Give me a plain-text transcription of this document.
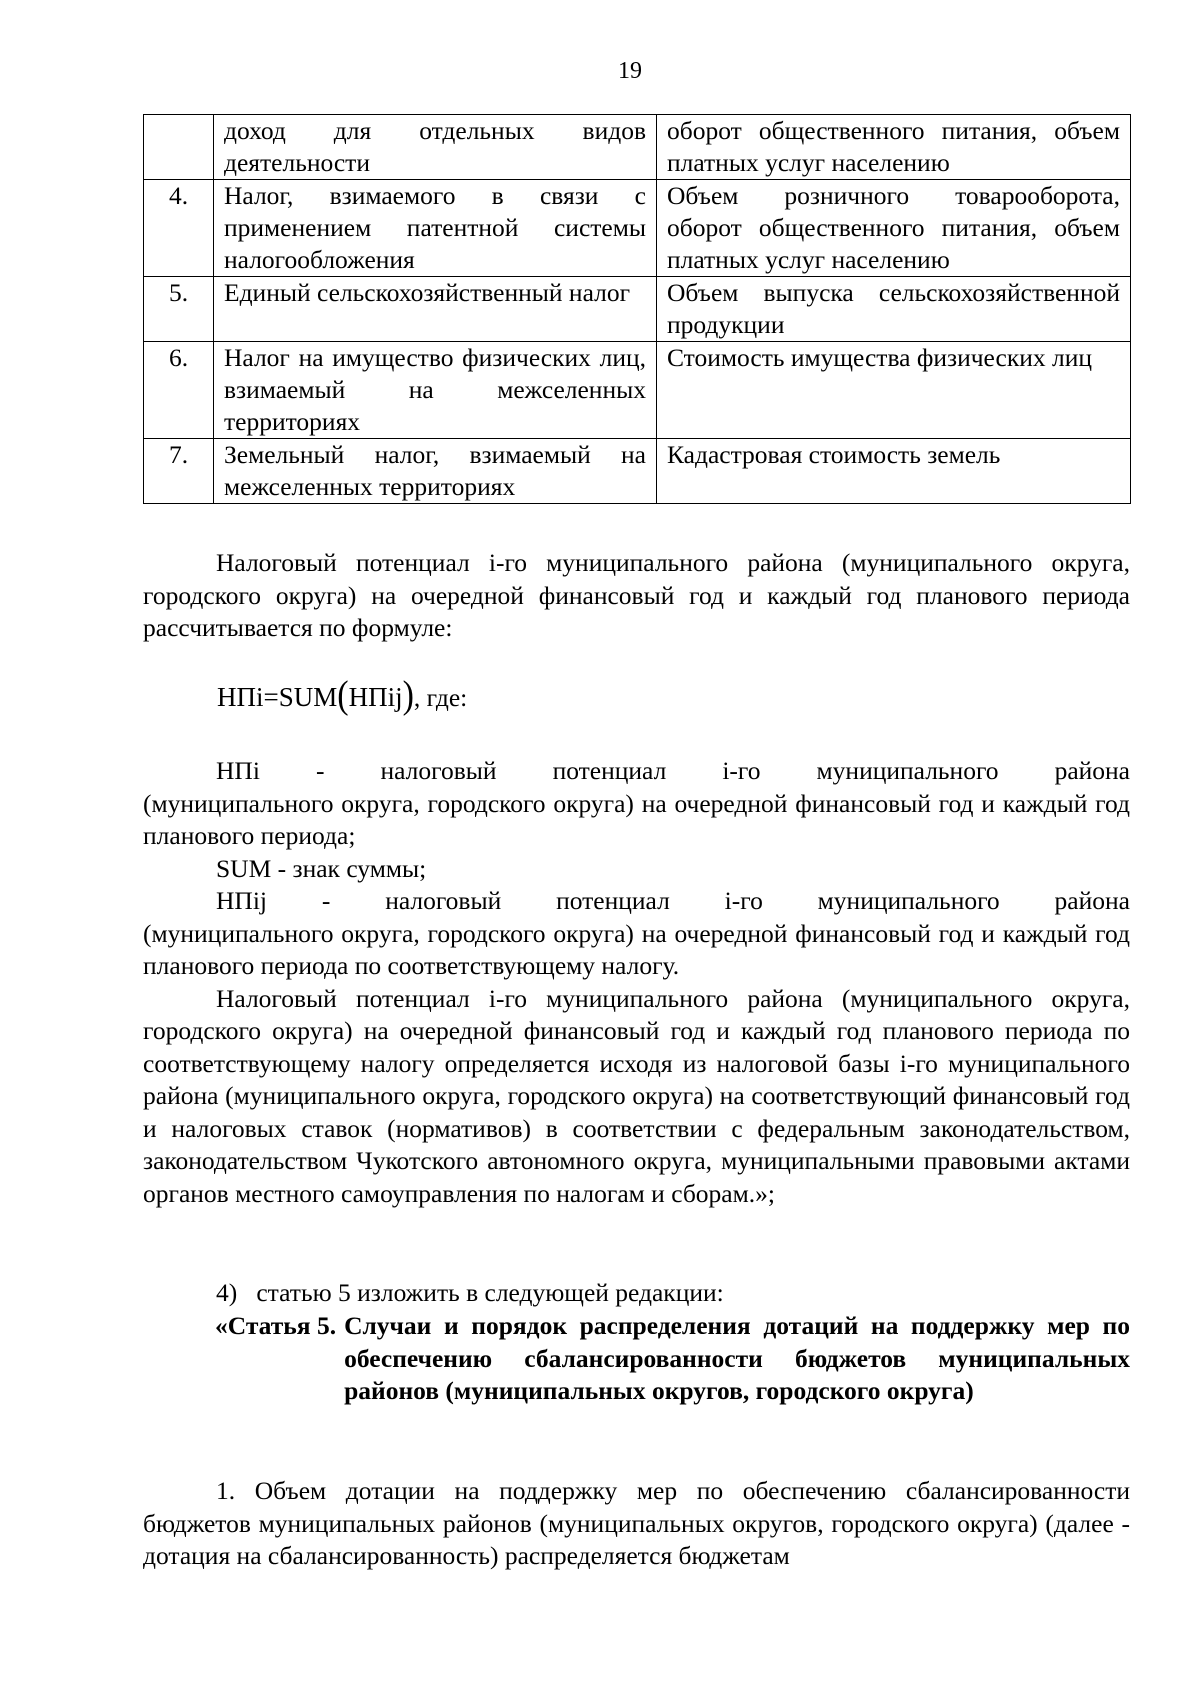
19
	доход для отдельных видов деятельности	оборот общественного питания, объем платных услуг населению
4.	Налог, взимаемого в связи с применением патентной системы налогообложения	Объем розничного товарооборота, оборот общественного питания, объем платных услуг населению
5.	Единый сельскохозяйственный налог	Объем выпуска сельскохозяйственной продукции
6.	Налог на имущество физических лиц, взимаемый на межселенных территориях	Стоимость имущества физических лиц
7.	Земельный налог, взимаемый на межселенных территориях	Кадастровая стоимость земель

Налоговый потенциал i-го муниципального района (муниципального округа, городского округа) на очередной финансовый год и каждый год планового периода рассчитывается по формуле:

НПi=SUM(НПij), где:
НПi - налоговый потенциал i-го муниципального района

(муниципального округа, городского округа) на очередной финансовый год и каждый год планового периода;

SUM - знак суммы;

НПij - налоговый потенциал i-го муниципального района

(муниципального округа, городского округа) на очередной финансовый год и каждый год планового периода по соответствующему налогу.

Налоговый потенциал i-го муниципального района (муниципального округа, городского округа) на очередной финансовый год и каждый год планового периода по соответствующему налогу определяется исходя из налоговой базы i-го муниципального района (муниципального округа, городского округа) на соответствующий финансовый год и налоговых ставок (нормативов) в соответствии с федеральным законодательством, законодательством Чукотского автономного округа, муниципальными правовыми актами органов местного самоуправления по налогам и сборам.»;

4)  статью 5 изложить в следующей редакции:

«Статья 5. Случаи и порядок распределения дотаций на поддержку мер по обеспечению сбалансированности бюджетов муниципальных районов (муниципальных округов, городского округа)

1. Объем дотации на поддержку мер по обеспечению сбалансированности бюджетов муниципальных районов (муниципальных округов, городского округа) (далее - дотация на сбалансированность) распределяется бюджетам
